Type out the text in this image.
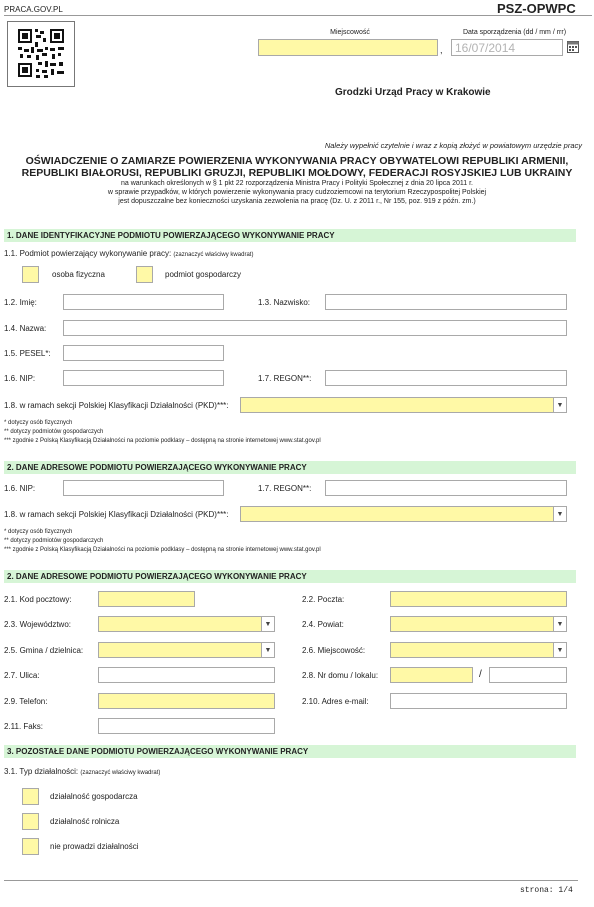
PRACA.GOV.PL	PSZ-OPWPC
Miejscowość	Data sporządzenia (dd / mm / rrr)
,	16/07/2014
Grodzki Urząd Pracy w Krakowie
Należy wypełnić czytelnie i wraz z kopią złożyć w powiatowym urzędzie pracy
OŚWIADCZENIE O ZAMIARZE POWIERZENIA WYKONYWANIA PRACY OBYWATELOWI REPUBLIKI ARMENII,
REPUBLIKI BIAŁORUSI, REPUBLIKI GRUZJI, REPUBLIKI MOŁDOWY, FEDERACJI ROSYJSKIEJ LUB UKRAINY
na warunkach określonych w § 1 pkt 22 rozporządzenia Ministra Pracy i Polityki Społecznej z dnia 20 lipca 2011 r.
w sprawie przypadków, w których powierzenie wykonywania pracy cudzoziemcowi na terytorium Rzeczypospolitej Polskiej
jest dopuszczalne bez konieczności uzyskania zezwolenia na pracę (Dz. U. z 2011 r., Nr 155, poz. 919 z późn. zm.)
1. DANE IDENTYFIKACYJNE PODMIOTU POWIERZAJĄCEGO WYKONYWANIE PRACY
1.1. Podmiot powierzający wykonywanie pracy: (zaznaczyć właściwy kwadrat)
osoba fizyczna	podmiot gospodarczy
1.2. Imię:	1.3. Nazwisko:
1.4. Nazwa:
1.5. PESEL*:
1.6. NIP:	1.7. REGON**:
1.8. w ramach sekcji Polskiej Klasyfikacji Działalności (PKD)***:	▼
* dotyczy osób fizycznych
** dotyczy podmiotów gospodarczych
*** zgodnie z Polską Klasyfikacją Działalności na poziomie podklasy – dostępną na stronie internetowej www.stat.gov.pl
2. DANE ADRESOWE PODMIOTU POWIERZAJĄCEGO WYKONYWANIE PRACY
1.6. NIP:	1.7. REGON**:
1.8. w ramach sekcji Polskiej Klasyfikacji Działalności (PKD)***:	▼
* dotyczy osób fizycznych
** dotyczy podmiotów gospodarczych
*** zgodnie z Polską Klasyfikacją Działalności na poziomie podklasy – dostępną na stronie internetowej www.stat.gov.pl
2. DANE ADRESOWE PODMIOTU POWIERZAJĄCEGO WYKONYWANIE PRACY
2.1. Kod pocztowy:	2.2. Poczta:
2.3. Województwo:	▼	2.4. Powiat:	▼
2.5. Gmina / dzielnica:	▼	2.6. Miejscowość:	▼
2.7. Ulica:	2.8. Nr domu / lokalu:	/
2.9. Telefon:	2.10. Adres e-mail:
2.11. Faks:
3. POZOSTAŁE DANE PODMIOTU POWIERZAJĄCEGO WYKONYWANIE PRACY
3.1. Typ działalności: (zaznaczyć właściwy kwadrat)
działalność gospodarcza
działalność rolnicza
nie prowadzi działalności
strona: 1/4
